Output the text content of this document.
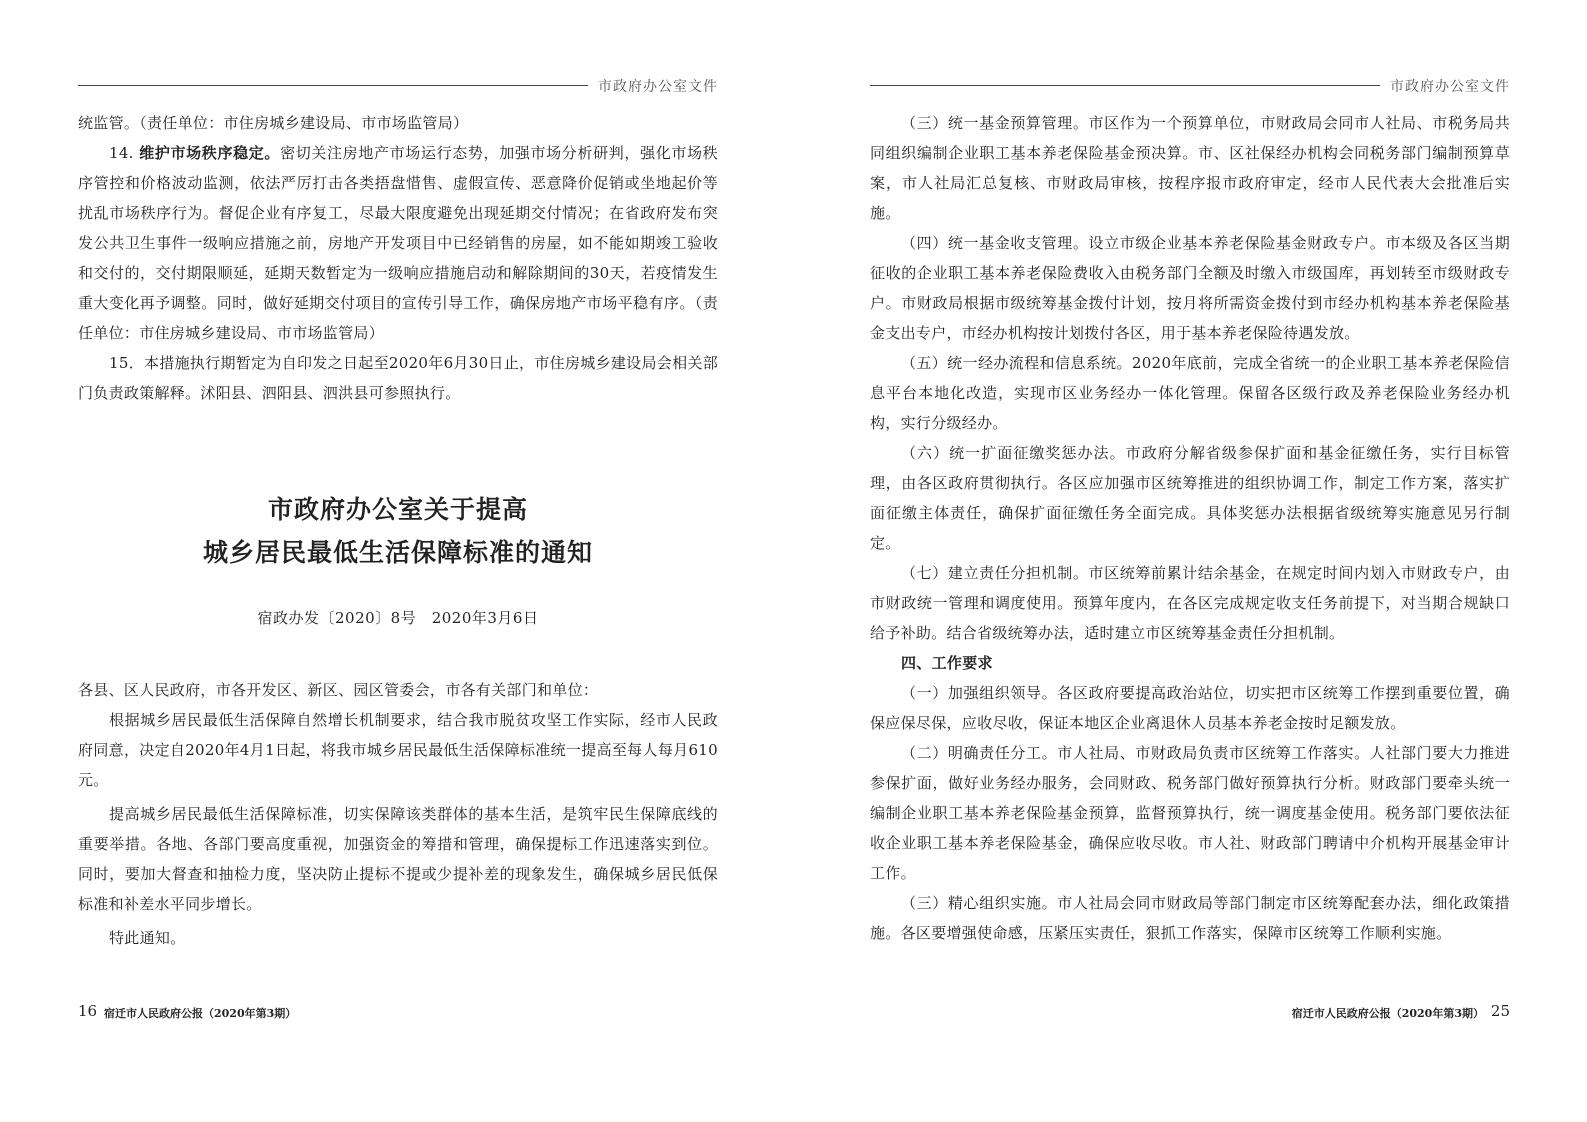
市政府办公室文件

统监管。（责任单位：市住房城乡建设局、市市场监管局）

14. 维护市场秩序稳定。密切关注房地产市场运行态势，加强市场分析研判，强化市场秩序管控和价格波动监测，依法严厉打击各类捂盘惜售、虚假宣传、恶意降价促销或坐地起价等扰乱市场秩序行为。督促企业有序复工，尽最大限度避免出现延期交付情况；在省政府发布突发公共卫生事件一级响应措施之前，房地产开发项目中已经销售的房屋，如不能如期竣工验收和交付的，交付期限顺延，延期天数暂定为一级响应措施启动和解除期间的30天，若疫情发生重大变化再予调整。同时，做好延期交付项目的宣传引导工作，确保房地产市场平稳有序。（责任单位：市住房城乡建设局、市市场监管局）

15．本措施执行期暂定为自印发之日起至2020年6月30日止，市住房城乡建设局会相关部门负责政策解释。沭阳县、泗阳县、泗洪县可参照执行。

市政府办公室关于提高
城乡居民最低生活保障标准的通知
宿政办发〔2020〕8号　2020年3月6日

各县、区人民政府，市各开发区、新区、园区管委会，市各有关部门和单位：

根据城乡居民最低生活保障自然增长机制要求，结合我市脱贫攻坚工作实际，经市人民政府同意，决定自2020年4月1日起，将我市城乡居民最低生活保障标准统一提高至每人每月610元。

提高城乡居民最低生活保障标准，切实保障该类群体的基本生活，是筑牢民生保障底线的重要举措。各地、各部门要高度重视，加强资金的筹措和管理，确保提标工作迅速落实到位。同时，要加大督查和抽检力度，坚决防止提标不提或少提补差的现象发生，确保城乡居民低保标准和补差水平同步增长。

特此通知。

16 宿迁市人民政府公报（2020年第3期）
市政府办公室文件

（三）统一基金预算管理。市区作为一个预算单位，市财政局会同市人社局、市税务局共同组织编制企业职工基本养老保险基金预决算。市、区社保经办机构会同税务部门编制预算草案，市人社局汇总复核、市财政局审核，按程序报市政府审定，经市人民代表大会批准后实施。

（四）统一基金收支管理。设立市级企业基本养老保险基金财政专户。市本级及各区当期征收的企业职工基本养老保险费收入由税务部门全额及时缴入市级国库，再划转至市级财政专户。市财政局根据市级统筹基金拨付计划，按月将所需资金拨付到市经办机构基本养老保险基金支出专户，市经办机构按计划拨付各区，用于基本养老保险待遇发放。

（五）统一经办流程和信息系统。2020年底前，完成全省统一的企业职工基本养老保险信息平台本地化改造，实现市区业务经办一体化管理。保留各区级行政及养老保险业务经办机构，实行分级经办。

（六）统一扩面征缴奖惩办法。市政府分解省级参保扩面和基金征缴任务，实行目标管理，由各区政府贯彻执行。各区应加强市区统筹推进的组织协调工作，制定工作方案，落实扩面征缴主体责任，确保扩面征缴任务全面完成。具体奖惩办法根据省级统筹实施意见另行制定。

（七）建立责任分担机制。市区统筹前累计结余基金，在规定时间内划入市财政专户，由市财政统一管理和调度使用。预算年度内，在各区完成规定收支任务前提下，对当期合规缺口给予补助。结合省级统筹办法，适时建立市区统筹基金责任分担机制。

四、工作要求

（一）加强组织领导。各区政府要提高政治站位，切实把市区统筹工作摆到重要位置，确保应保尽保，应收尽收，保证本地区企业离退休人员基本养老金按时足额发放。

（二）明确责任分工。市人社局、市财政局负责市区统筹工作落实。人社部门要大力推进参保扩面，做好业务经办服务，会同财政、税务部门做好预算执行分析。财政部门要牵头统一编制企业职工基本养老保险基金预算，监督预算执行，统一调度基金使用。税务部门要依法征收企业职工基本养老保险基金，确保应收尽收。市人社、财政部门聘请中介机构开展基金审计工作。

（三）精心组织实施。市人社局会同市财政局等部门制定市区统筹配套办法，细化政策措施。各区要增强使命感，压紧压实责任，狠抓工作落实，保障市区统筹工作顺利实施。

宿迁市人民政府公报（2020年第3期） 25
